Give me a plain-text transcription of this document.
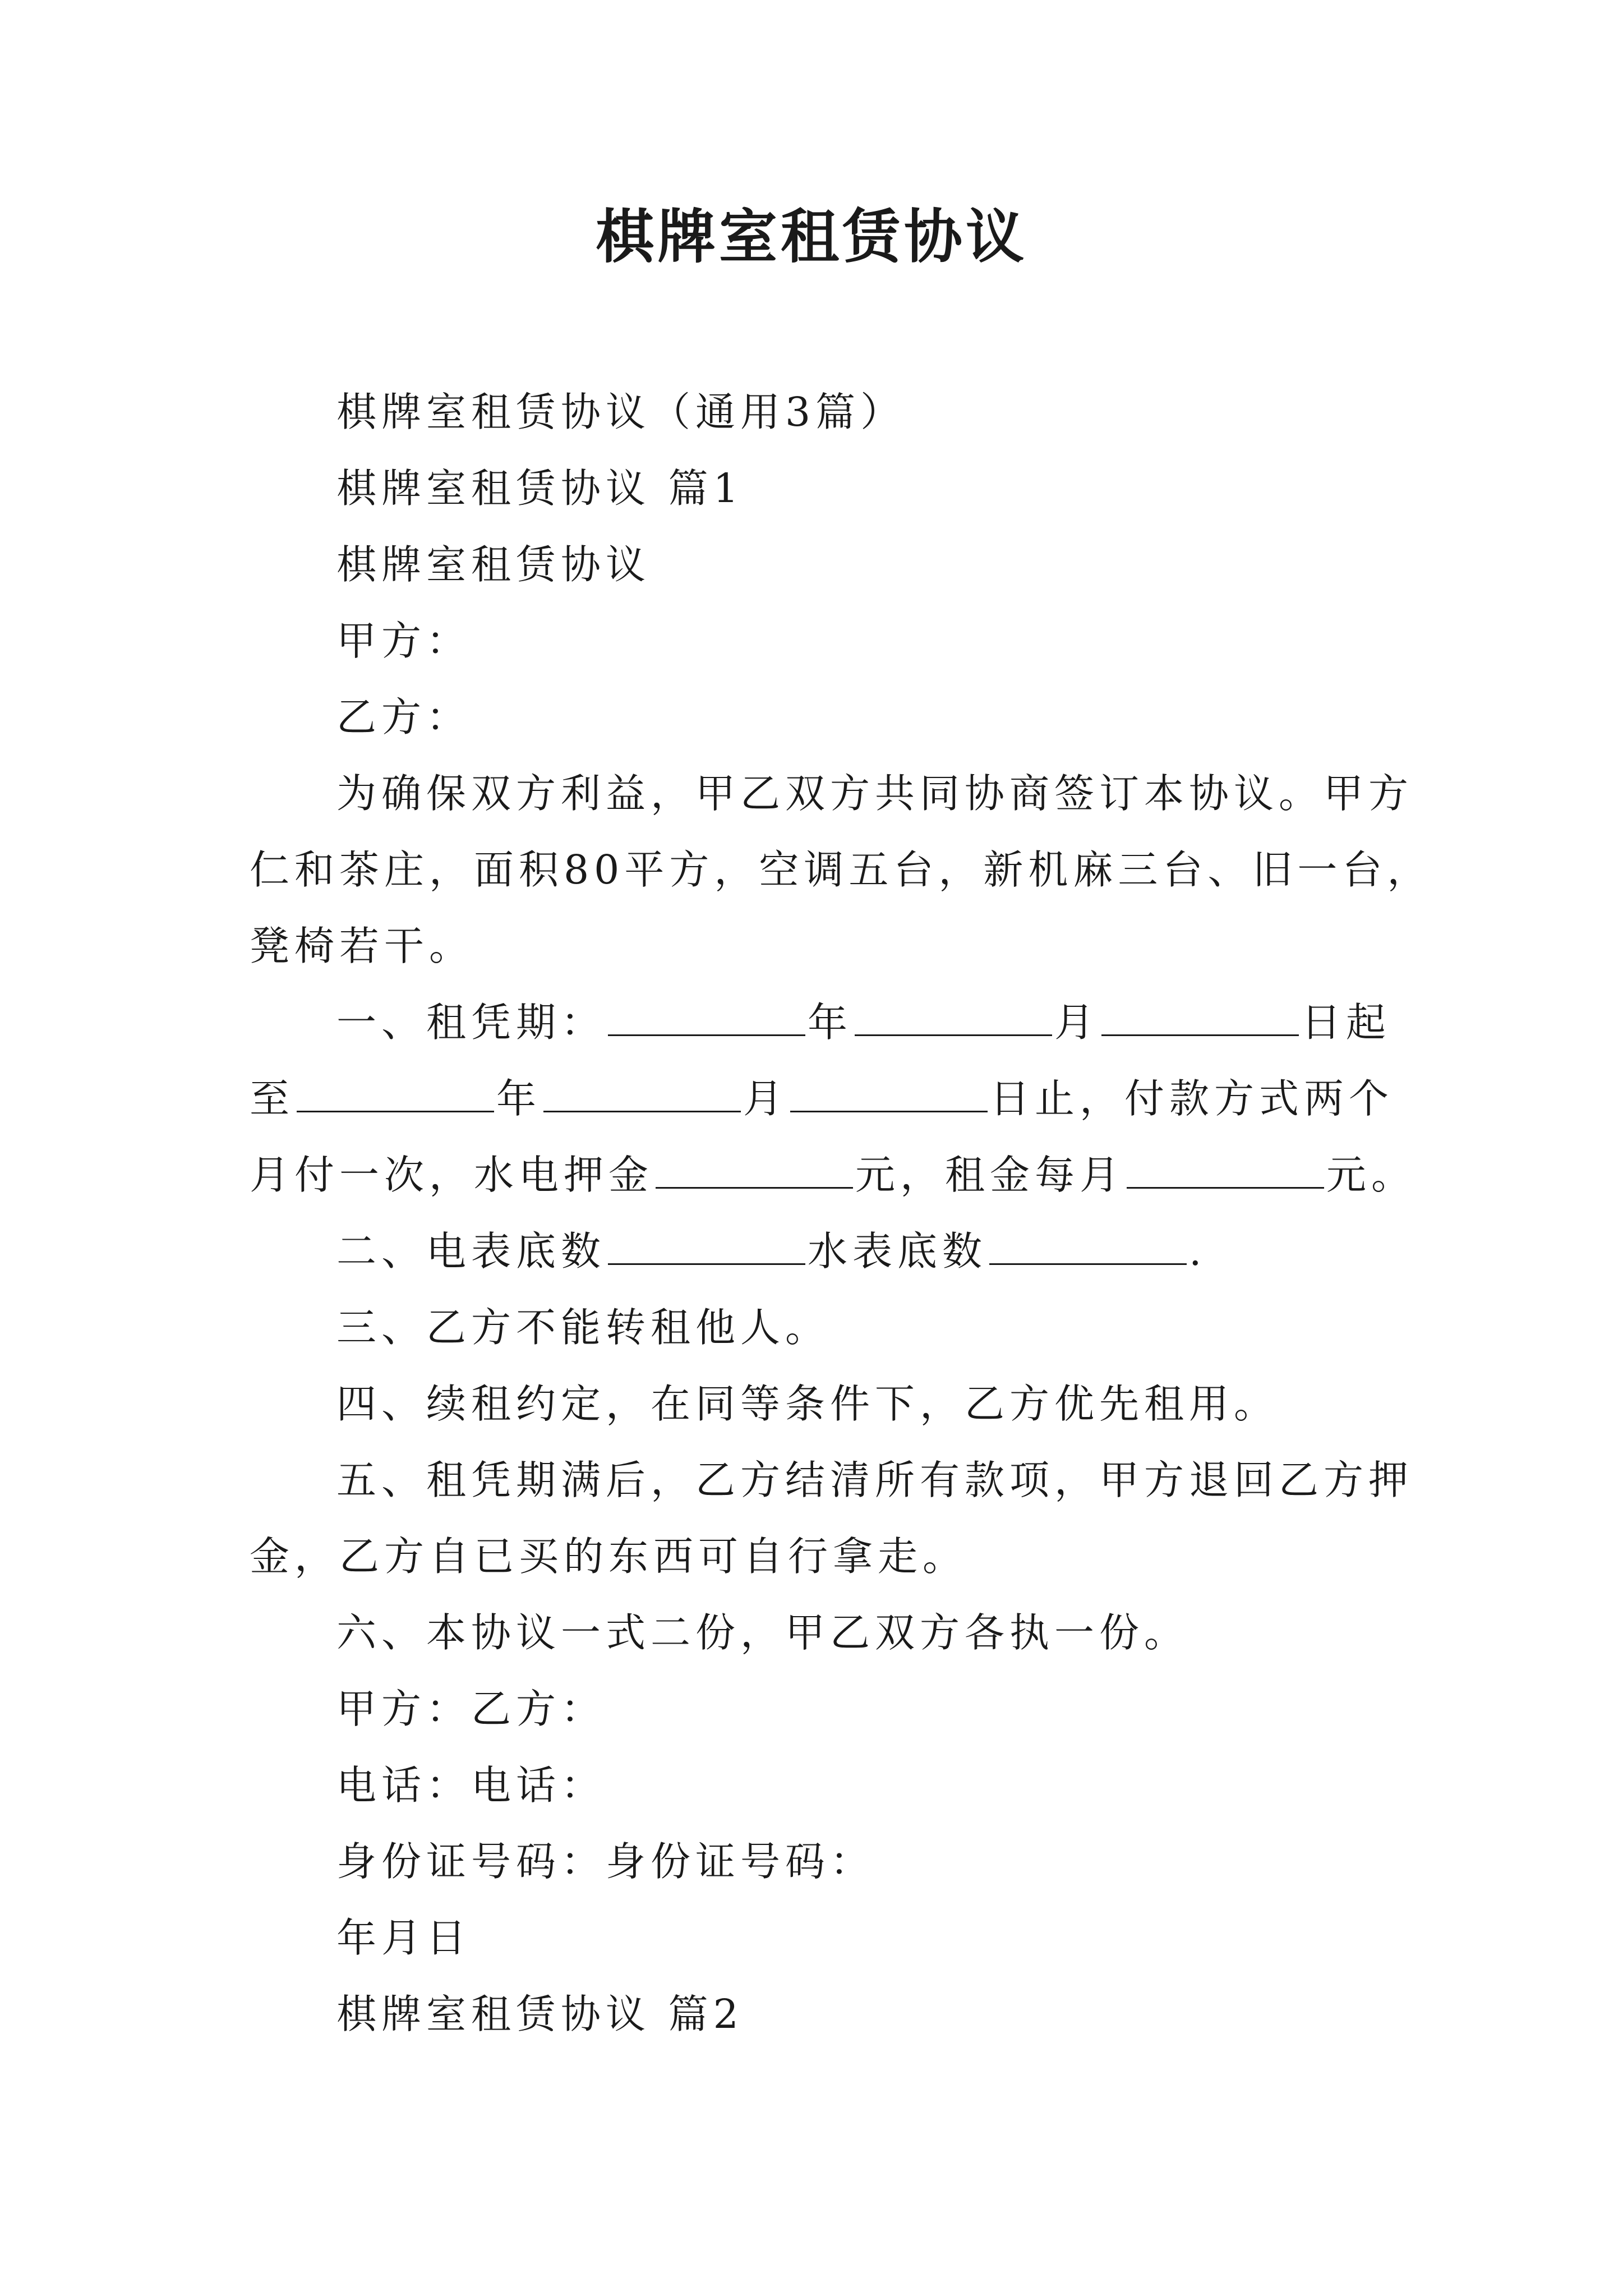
棋牌室租赁协议
棋牌室租赁协议（通用3篇）
棋牌室租赁协议 篇1
棋牌室租赁协议
甲方：
乙方：
为确保双方利益，甲乙双方共同协商签订本协议。甲方
仁和茶庄，面积80平方，空调五台，新机麻三台、旧一台，
凳椅若干。
一、租凭期：	年	月	日起
至	年	月	日止，付款方式两个
月付一次，水电押金	元，租金每月	元。
二、电表底数	水表底数	.
三、乙方不能转租他人。
四、续租约定，在同等条件下，乙方优先租用。
五、租凭期满后，乙方结清所有款项，甲方退回乙方押
金，乙方自已买的东西可自行拿走。
六、本协议一式二份，甲乙双方各执一份。
甲方：乙方：
电话：电话：
身份证号码：身份证号码：
年月日
棋牌室租赁协议 篇2
